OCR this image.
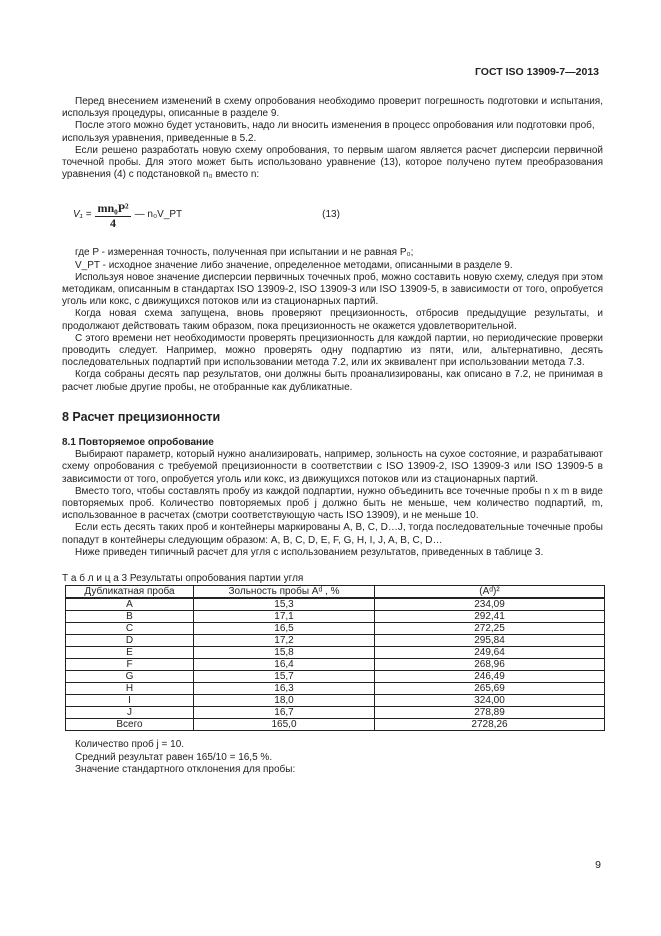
ГОСТ ISO 13909-7—2013

Перед внесением изменений в схему опробования необходимо проверит погрешность подготовки и испытания, используя процедуры, описанные в разделе 9.

После этого можно будет установить, надо ли вносить изменения в процесс опробования или подготовки проб, используя уравнения, приведенные в 5.2.

Если решено разработать новую схему опробования, то первым шагом является расчет дисперсии первичной точечной пробы. Для этого может быть использовано уравнение (13), которое получено путем преобразования уравнения (4) с подстановкой n₀ вместо n:

$V_1 = \frac{\text{mn₀P²}}{4}$ — n₀V_PT	(13)

где P - измеренная точность, полученная при испытании и не равная P₀;

V_PT - исходное значение либо значение, определенное методами, описанными в разделе 9.

Используя новое значение дисперсии первичных точечных проб, можно составить новую схему, следуя при этом методикам, описанным в стандартах ISO 13909-2, ISO 13909-3 или ISO 13909-5, в зависимости от того, опробуется уголь или кокс, с движущихся потоков или из стационарных партий.

Когда новая схема запущена, вновь проверяют прецизионность, отбросив предыдущие результаты, и продолжают действовать таким образом, пока прецизионность не окажется удовлетворительной.

С этого времени нет необходимости проверять прецизионность для каждой партии, но периодические проверки проводить следует. Например, можно проверять одну подпартию из пяти, или, альтернативно, десять последовательных подпартий при использовании метода 7.2, или их эквивалент при использовании метода 7.3.

Когда собраны десять пар результатов, они должны быть проанализированы, как описано в 7.2, не принимая в расчет любые другие пробы, не отобранные как дубликатные.

8 Расчет прецизионности
8.1 Повторяемое опробование

Выбирают параметр, который нужно анализировать, например, зольность на сухое состояние, и разрабатывают схему опробования с требуемой прецизионности в соответствии с ISO 13909-2, ISO 13909-3 или ISO 13909-5 в зависимости от того, опробуется уголь или кокс, из движущихся потоков или из стационарных партий.

Вместо того, чтобы составлять пробу из каждой подпартии, нужно объединить все точечные пробы n x m в виде повторяемых проб. Количество повторяемых проб j должно быть не меньше, чем количество подпартий, m, использованное в расчетах (смотри соответствующую часть ISO 13909), и не меньше 10.

Если есть десять таких проб и контейнеры маркированы A, B, C, D…J, тогда последовательные точечные пробы попадут в контейнеры следующим образом: A, B, C, D, E, F, G, H, I, J, A, B, C, D…

Ниже приведен типичный расчет для угля с использованием результатов, приведенных в таблице 3.

Т а б л и ц а 3 Результаты опробования партии угля
Дубликатная проба	Зольность пробы Aᵈ , %	(Aᵈ)²
A	15,3	234,09
B	17,1	292,41
C	16,5	272,25
D	17,2	295,84
E	15,8	249,64
F	16,4	268,96
G	15,7	246,49
H	16,3	265,69
I	18,0	324,00
J	16,7	278,89
Всего	165,0	2728,26

Количество проб j = 10.

Средний результат равен 165/10 = 16,5 %.

Значение стандартного отклонения для пробы:

9
